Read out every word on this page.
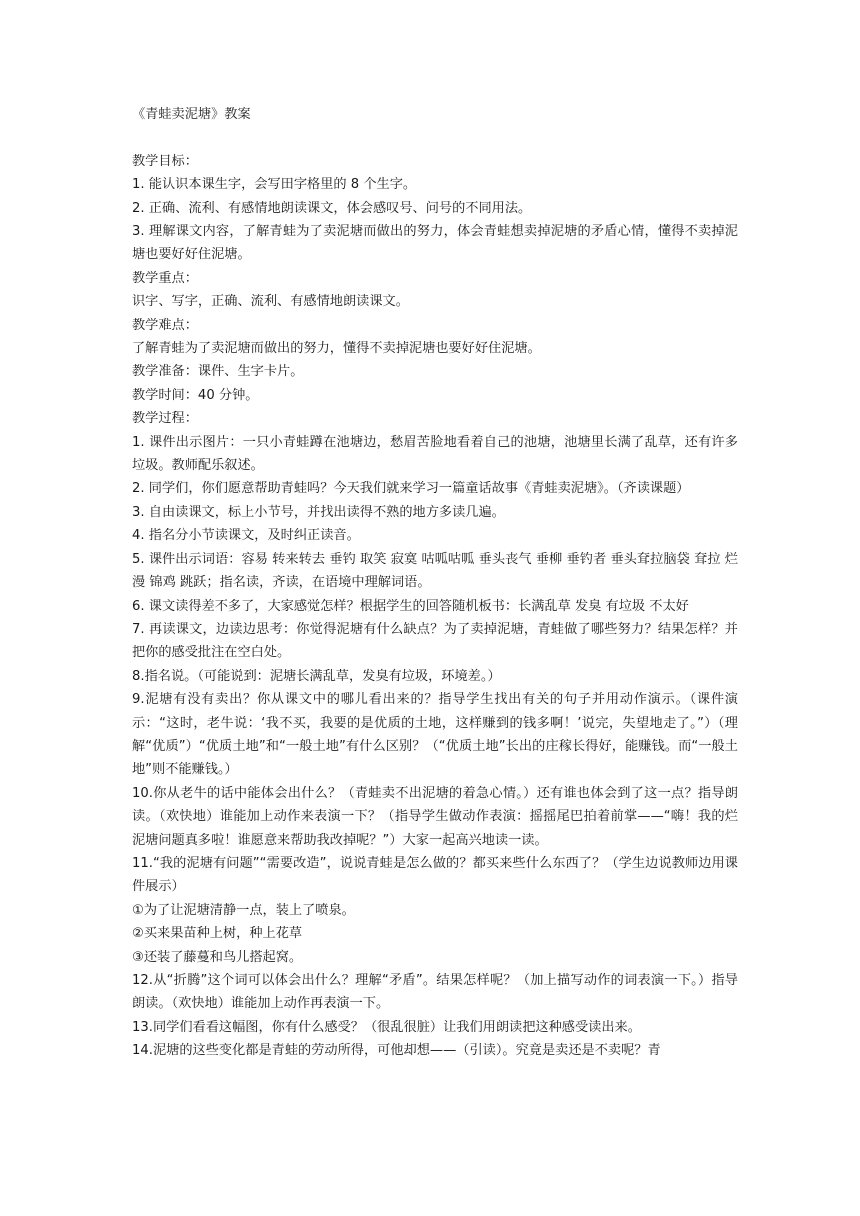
《青蛙卖泥塘》教案

教学目标：

1. 能认识本课生字，会写田字格里的 8 个生字。

2. 正确、流利、有感情地朗读课文，体会感叹号、问号的不同用法。

3. 理解课文内容，了解青蛙为了卖泥塘而做出的努力，体会青蛙想卖掉泥塘的矛盾心情，懂得不卖掉泥塘也要好好住泥塘。

教学重点：

识字、写字，正确、流利、有感情地朗读课文。

教学难点：

了解青蛙为了卖泥塘而做出的努力，懂得不卖掉泥塘也要好好住泥塘。

教学准备：课件、生字卡片。

教学时间：40 分钟。

教学过程：

1. 课件出示图片：一只小青蛙蹲在池塘边，愁眉苦脸地看着自己的池塘，池塘里长满了乱草，还有许多垃圾。教师配乐叙述。

2. 同学们，你们愿意帮助青蛙吗？今天我们就来学习一篇童话故事《青蛙卖泥塘》。（齐读课题）

3. 自由读课文，标上小节号，并找出读得不熟的地方多读几遍。

4. 指名分小节读课文，及时纠正读音。

5. 课件出示词语：容易 转来转去 垂钓 取笑 寂寞 咕呱咕呱 垂头丧气 垂柳 垂钓者 垂头耷拉脑袋 耷拉 烂漫 锦鸡 跳跃；指名读，齐读，在语境中理解词语。

6. 课文读得差不多了，大家感觉怎样？根据学生的回答随机板书：长满乱草 发臭 有垃圾 不太好

7. 再读课文，边读边思考：你觉得泥塘有什么缺点？为了卖掉泥塘，青蛙做了哪些努力？结果怎样？并把你的感受批注在空白处。

8.指名说。（可能说到：泥塘长满乱草，发臭有垃圾，环境差。）

9.泥塘有没有卖出？你从课文中的哪儿看出来的？指导学生找出有关的句子并用动作演示。（课件演示：“这时，老牛说：‘我不买，我要的是优质的土地，这样赚到的钱多啊！’说完，失望地走了。”）（理解“优质”）“优质土地”和“一般土地”有什么区别？（“优质土地”长出的庄稼长得好，能赚钱。而“一般土地”则不能赚钱。）

10.你从老牛的话中能体会出什么？（青蛙卖不出泥塘的着急心情。）还有谁也体会到了这一点？指导朗读。（欢快地）谁能加上动作来表演一下？（指导学生做动作表演：摇摇尾巴拍着前掌——“嗨！我的烂泥塘问题真多啦！谁愿意来帮助我改掉呢？”）大家一起高兴地读一读。

11.“我的泥塘有问题”“需要改造”，说说青蛙是怎么做的？都买来些什么东西了？（学生边说教师边用课件展示）

①为了让泥塘清静一点，装上了喷泉。

②买来果苗种上树，种上花草

③还装了藤蔓和鸟儿搭起窝。

12.从“折腾”这个词可以体会出什么？理解“矛盾”。结果怎样呢？（加上描写动作的词表演一下。）指导朗读。（欢快地）谁能加上动作再表演一下。

13.同学们看看这幅图，你有什么感受？（很乱很脏）让我们用朗读把这种感受读出来。

14.泥塘的这些变化都是青蛙的劳动所得，可他却想——（引读）。究竟是卖还是不卖呢？青
